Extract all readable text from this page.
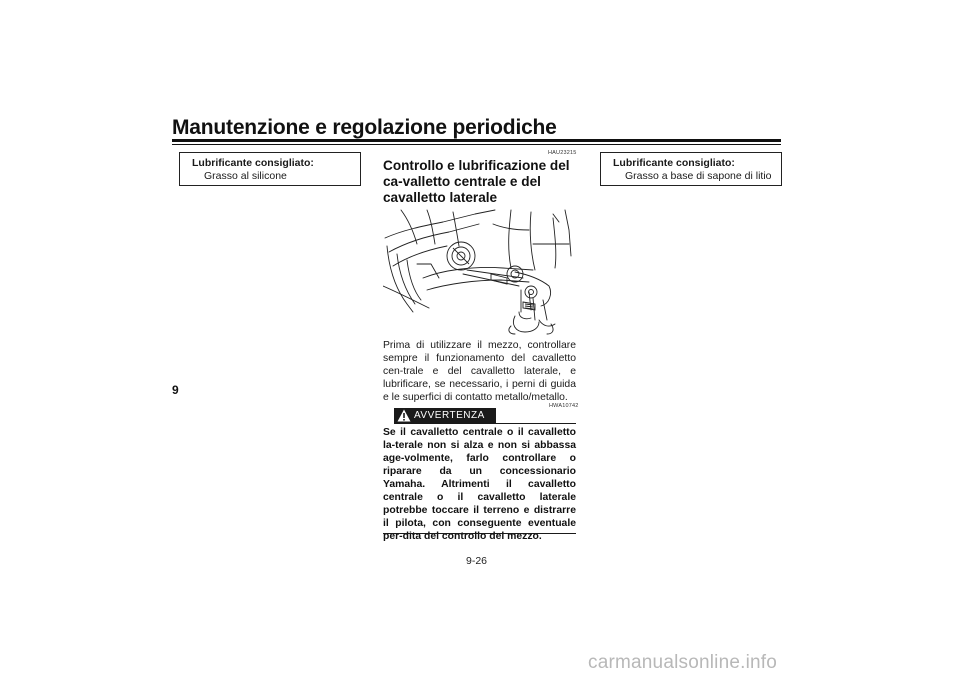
Manutenzione e regolazione periodiche
9
Lubrificante consigliato:
Grasso al silicone
HAU23215
Controllo e lubrificazione del ca-valletto centrale e del cavalletto laterale
Prima di utilizzare il mezzo, controllare sempre il funzionamento del cavalletto cen-trale e del cavalletto laterale, e lubrificare, se necessario, i perni di guida e le superfici di contatto metallo/metallo.
HWA10742
AVVERTENZA
Se il cavalletto centrale o il cavalletto la-terale non si alza e non si abbassa age-volmente, farlo controllare o riparare da un concessionario Yamaha. Altrimenti il cavalletto centrale o il cavalletto laterale potrebbe toccare il terreno e distrarre il pilota, con conseguente eventuale per-dita del controllo del mezzo.
Lubrificante consigliato:
Grasso a base di sapone di litio
9-26
carmanualsonline.info
